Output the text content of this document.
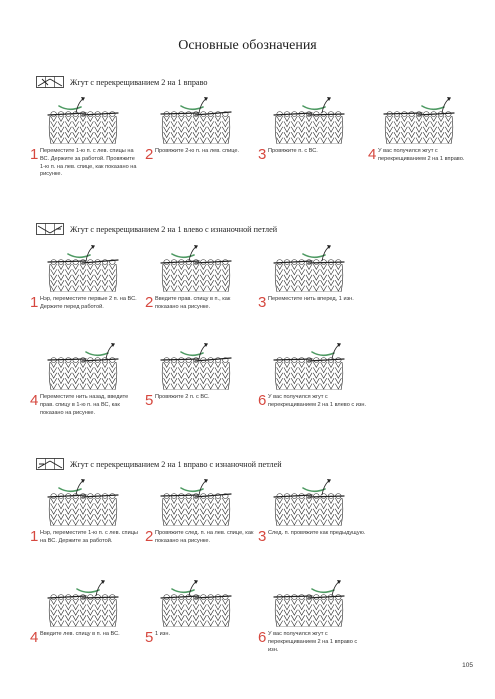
Основные обозначения
Жгут с перекрещиванием 2 на 1 вправо
1 Переместите 1-ю п. с лев. спицы на ВС. Держите за работой. Провяжите 1-ю п. на лев. спице, как показано на рисунке.
2 Провяжите 2-ю п. на лев. спице. 3 Провяжите п. с ВС.	4 У вас получился жгут с перекрещиванием 2 на 1 вправо.
Жгут с перекрещиванием 2 на 1 влево с изнаночной петлей
1 Нэр, переместите первые 2 п. на ВС. Держите перед работой.	2 Введите прав. спицу в п., как показано на рисунке.	3 Переместите нить вперед, 1 изн.
4 Переместите нить назад, введите прав. спицу в 1-ю п. на ВС, как показано на рисунке.
5 Провяжите 2 п. с ВС.	6 У вас получился жгут с перекрещиванием 2 на 1 влево с изн.
Жгут с перекрещиванием 2 на 1 вправо с изнаночной петлей
1 Нэр, переместите 1-ю п. с лев. спицы на ВС. Держите за работой.	2 Провяжите след. п. на лев. спице, как показано на рисунке.	3 След. п. провяжите как предыдущую.
4 Введите лев. спицу в п. на ВС. 5 1 изн.	6 У вас получился жгут с перекрещиванием 2 на 1 вправо с изн.
105
